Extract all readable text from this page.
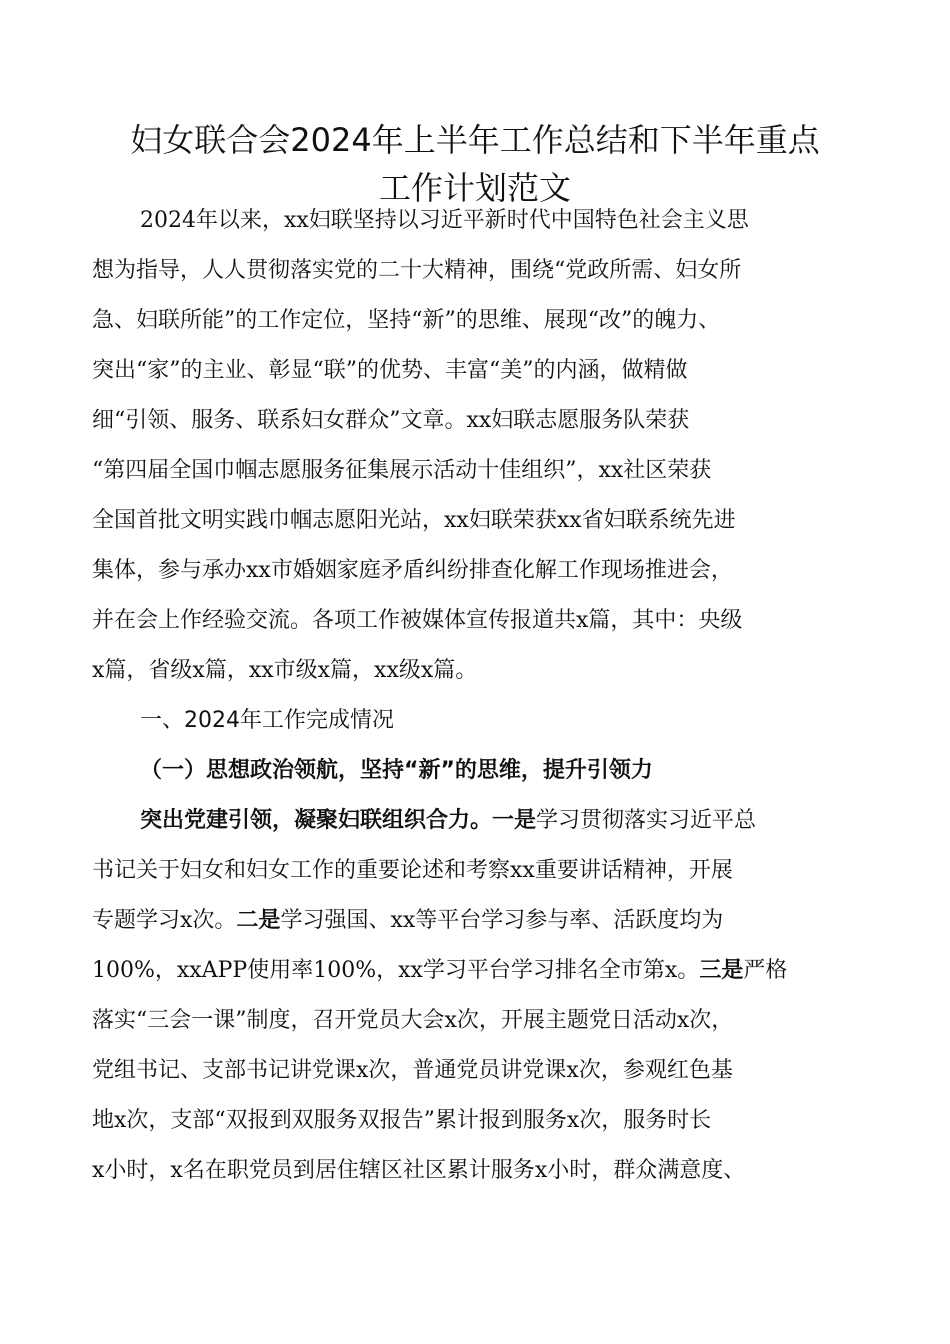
妇女联合会2024年上半年工作总结和下半年重点
工作计划范文
2024年以来，xx妇联坚持以习近平新时代中国特色社会主义思
想为指导，人人贯彻落实党的二十大精神，围绕“党政所需、妇女所
急、妇联所能”的工作定位，坚持“新”的思维、展现“改”的魄力、
突出“家”的主业、彰显“联”的优势、丰富“美”的内涵，做精做
细“引领、服务、联系妇女群众”文章。xx妇联志愿服务队荣获
“第四届全国巾帼志愿服务征集展示活动十佳组织”，xx社区荣获
全国首批文明实践巾帼志愿阳光站，xx妇联荣获xx省妇联系统先进
集体，参与承办xx市婚姻家庭矛盾纠纷排查化解工作现场推进会，
并在会上作经验交流。各项工作被媒体宣传报道共x篇，其中：央级
x篇，省级x篇，xx市级x篇，xx级x篇。
一、2024年工作完成情况
（一）思想政治领航，坚持“新”的思维，提升引领力
突出党建引领，凝聚妇联组织合力。一是学习贯彻落实习近平总
书记关于妇女和妇女工作的重要论述和考察xx重要讲话精神，开展
专题学习x次。二是学习强国、xx等平台学习参与率、活跃度均为
100%，xxAPP使用率100%，xx学习平台学习排名全市第x。三是严格
落实“三会一课”制度，召开党员大会x次，开展主题党日活动x次，
党组书记、支部书记讲党课x次，普通党员讲党课x次，参观红色基
地x次，支部“双报到双服务双报告”累计报到服务x次，服务时长
x小时，x名在职党员到居住辖区社区累计服务x小时，群众满意度、
